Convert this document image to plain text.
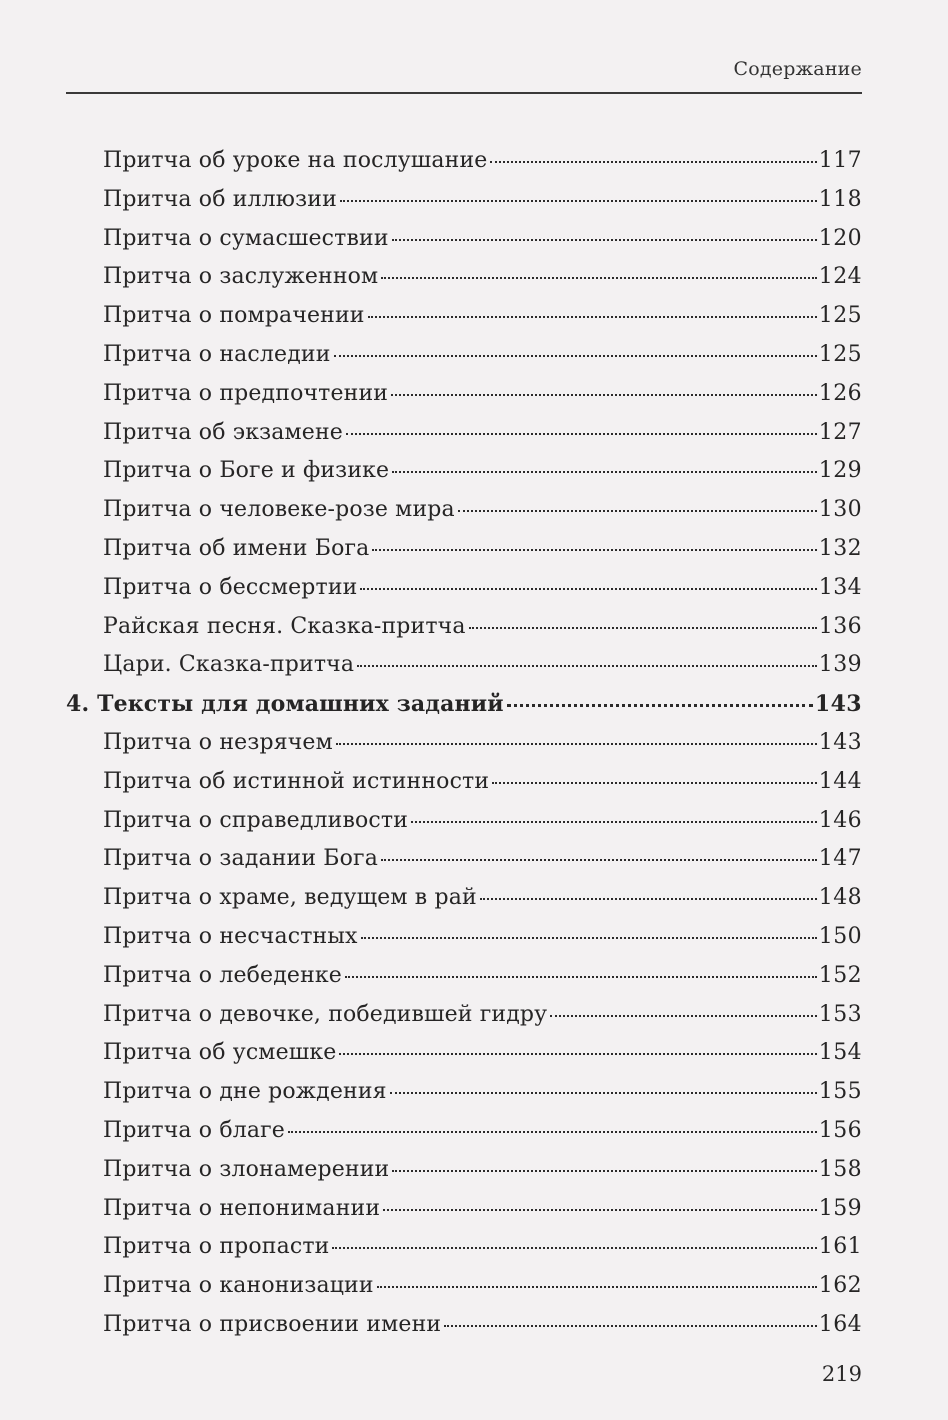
Содержание
Притча об уроке на послушание	117
Притча об иллюзии	118
Притча о сумасшествии	120
Притча о заслуженном	124
Притча о помрачении	125
Притча о наследии	125
Притча о предпочтении	126
Притча об экзамене	127
Притча о Боге и физике	129
Притча о человеке-розе мира	130
Притча об имени Бога	132
Притча о бессмертии	134
Райская песня. Сказка-притча	136
Цари. Сказка-притча	139
4. Тексты для домашних заданий	143
Притча о незрячем	143
Притча об истинной истинности	144
Притча о справедливости	146
Притча о задании Бога	147
Притча о храме, ведущем в рай	148
Притча о несчастных	150
Притча о лебеденке	152
Притча о девочке, победившей гидру	153
Притча об усмешке	154
Притча о дне рождения	155
Притча о благе	156
Притча о злонамерении	158
Притча о непонимании	159
Притча о пропасти	161
Притча о канонизации	162
Притча о присвоении имени	164
219
